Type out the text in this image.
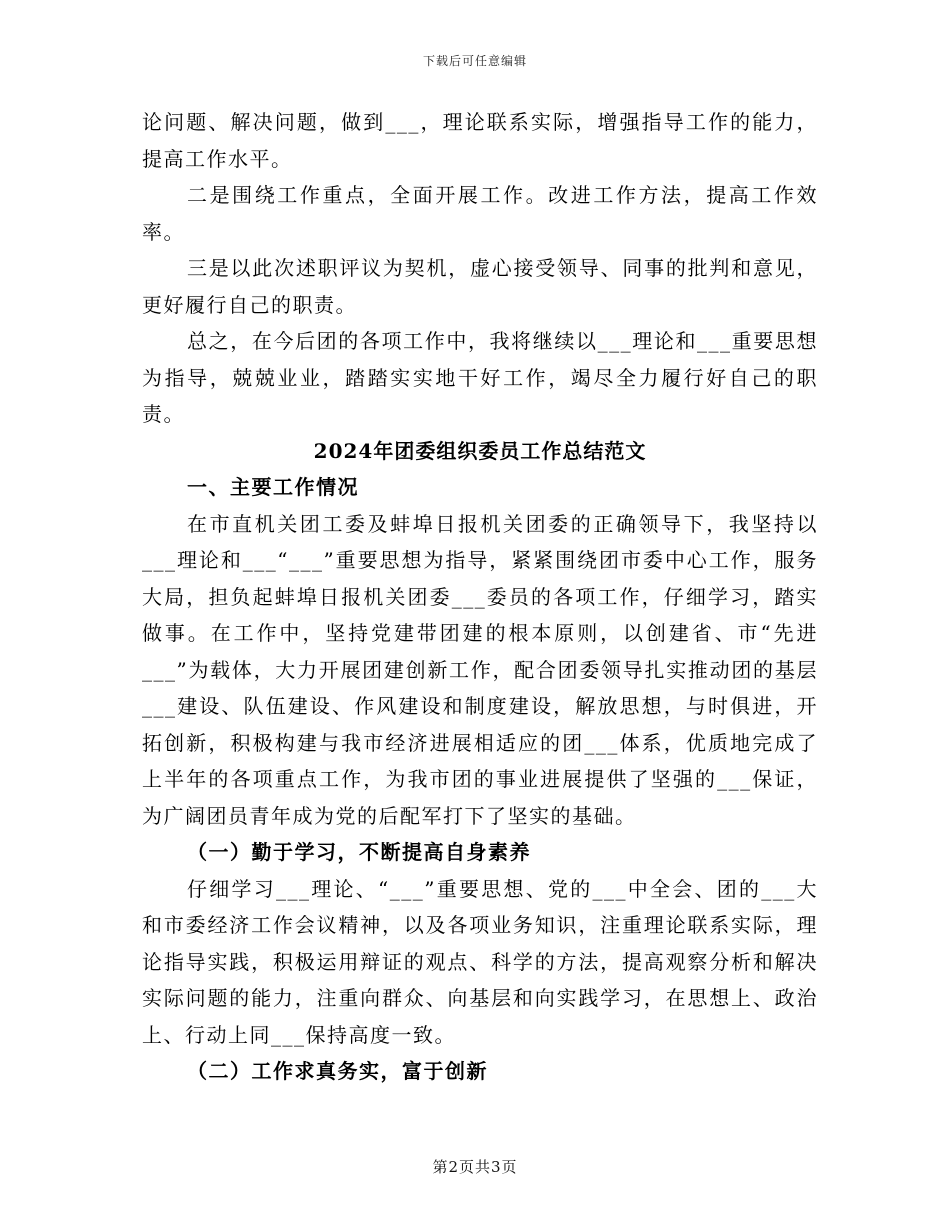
下载后可任意编辑

论问题、解决问题，做到___，理论联系实际，增强指导工作的能力，提高工作水平。

二是围绕工作重点，全面开展工作。改进工作方法，提高工作效率。

三是以此次述职评议为契机，虚心接受领导、同事的批判和意见，更好履行自己的职责。

总之，在今后团的各项工作中，我将继续以___理论和___重要思想为指导，兢兢业业，踏踏实实地干好工作，竭尽全力履行好自己的职责。

2024年团委组织委员工作总结范文

一、主要工作情况

在市直机关团工委及蚌埠日报机关团委的正确领导下，我坚持以___理论和___“___”重要思想为指导，紧紧围绕团市委中心工作，服务大局，担负起蚌埠日报机关团委___委员的各项工作，仔细学习，踏实做事。在工作中，坚持党建带团建的根本原则，以创建省、市“先进___”为载体，大力开展团建创新工作，配合团委领导扎实推动团的基层___建设、队伍建设、作风建设和制度建设，解放思想，与时俱进，开拓创新，积极构建与我市经济进展相适应的团___体系，优质地完成了上半年的各项重点工作，为我市团的事业进展提供了坚强的___保证，为广阔团员青年成为党的后配军打下了坚实的基础。

（一）勤于学习，不断提高自身素养

仔细学习___理论、“___”重要思想、党的___中全会、团的___大和市委经济工作会议精神，以及各项业务知识，注重理论联系实际，理论指导实践，积极运用辩证的观点、科学的方法，提高观察分析和解决实际问题的能力，注重向群众、向基层和向实践学习，在思想上、政治上、行动上同___保持高度一致。

（二）工作求真务实，富于创新

第2页共3页
